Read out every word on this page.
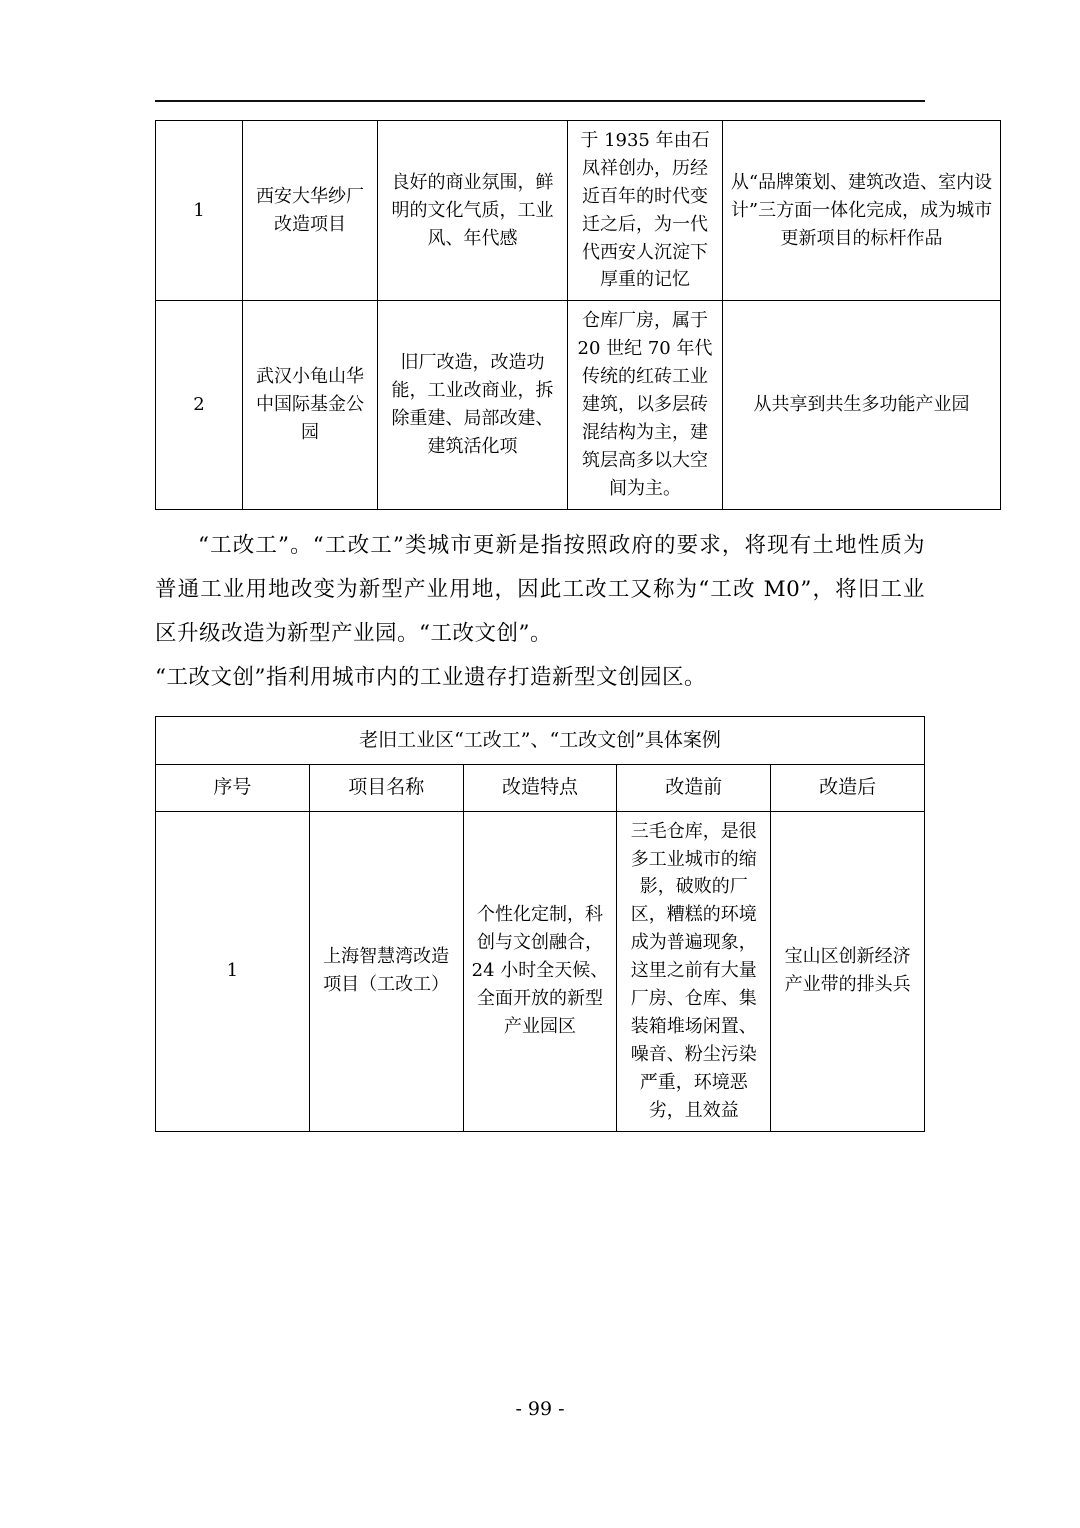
1	西安大华纱厂改造项目	良好的商业氛围，鲜明的文化气质，工业风、年代感	于 1935 年由石凤祥创办，历经近百年的时代变迁之后，为一代代西安人沉淀下厚重的记忆	从“品牌策划、建筑改造、室内设计”三方面一体化完成，成为城市更新项目的标杆作品
2	武汉小龟山华中国际基金公园	旧厂改造，改造功能，工业改商业，拆除重建、局部改建、建筑活化项	仓库厂房，属于 20 世纪 70 年代传统的红砖工业建筑，以多层砖混结构为主，建筑层高多以大空间为主。	从共享到共生多功能产业园

“工改工”。“工改工”类城市更新是指按照政府的要求，将现有土地性质为普通工业用地改变为新型产业用地，因此工改工又称为“工改 M0”，将旧工业区升级改造为新型产业园。“工改文创”。

“工改文创”指利用城市内的工业遗存打造新型文创园区。

老旧工业区“工改工”、“工改文创”具体案例				
序号	项目名称	改造特点	改造前	改造后
1	上海智慧湾改造项目（工改工）	个性化定制，科创与文创融合，24 小时全天候、全面开放的新型产业园区	三毛仓库，是很多工业城市的缩影，破败的厂区，糟糕的环境成为普遍现象，这里之前有大量厂房、仓库、集装箱堆场闲置、噪音、粉尘污染严重，环境恶劣，且效益	宝山区创新经济产业带的排头兵
- 99 -
